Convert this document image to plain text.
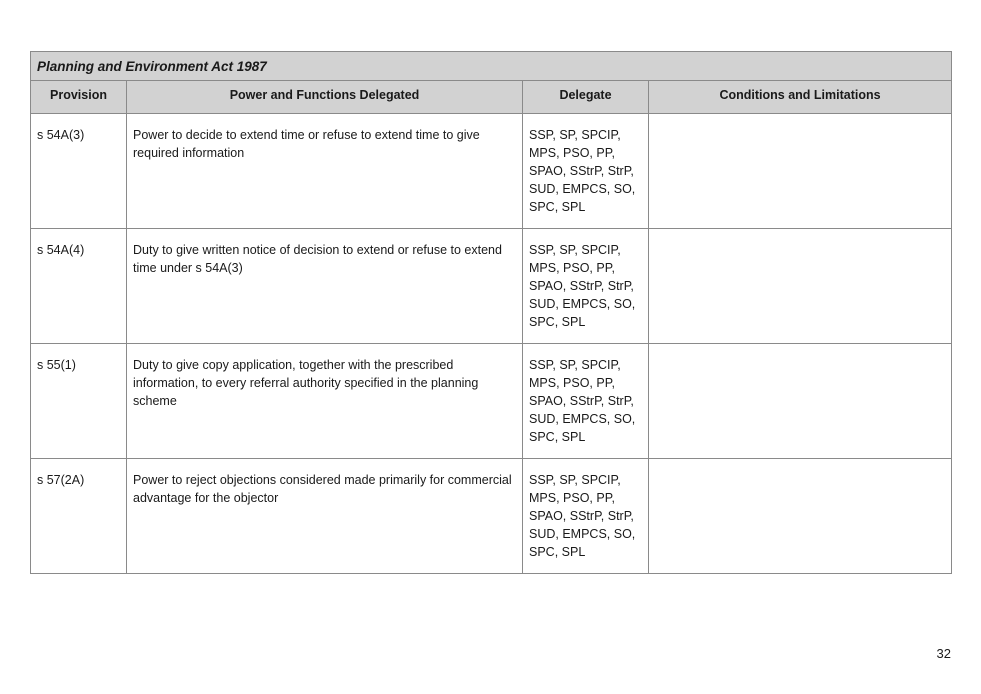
Planning and Environment Act 1987			
Provision	Power and Functions Delegated	Delegate	Conditions and Limitations
s 54A(3)	Power to decide to extend time or refuse to extend time to give required information	SSP, SP, SPCIP,
MPS, PSO, PP,
SPAO, SStrP, StrP,
SUD, EMPCS, SO,
SPC, SPL	
s 54A(4)	Duty to give written notice of decision to extend or refuse to extend time under s 54A(3)	SSP, SP, SPCIP,
MPS, PSO, PP,
SPAO, SStrP, StrP,
SUD, EMPCS, SO,
SPC, SPL	
s 55(1)	Duty to give copy application, together with the prescribed information, to every referral authority specified in the planning scheme	SSP, SP, SPCIP,
MPS, PSO, PP,
SPAO, SStrP, StrP,
SUD, EMPCS, SO,
SPC, SPL	
s 57(2A)	Power to reject objections considered made primarily for commercial advantage for the objector	SSP, SP, SPCIP,
MPS, PSO, PP,
SPAO, SStrP, StrP,
SUD, EMPCS, SO,
SPC, SPL	
32
